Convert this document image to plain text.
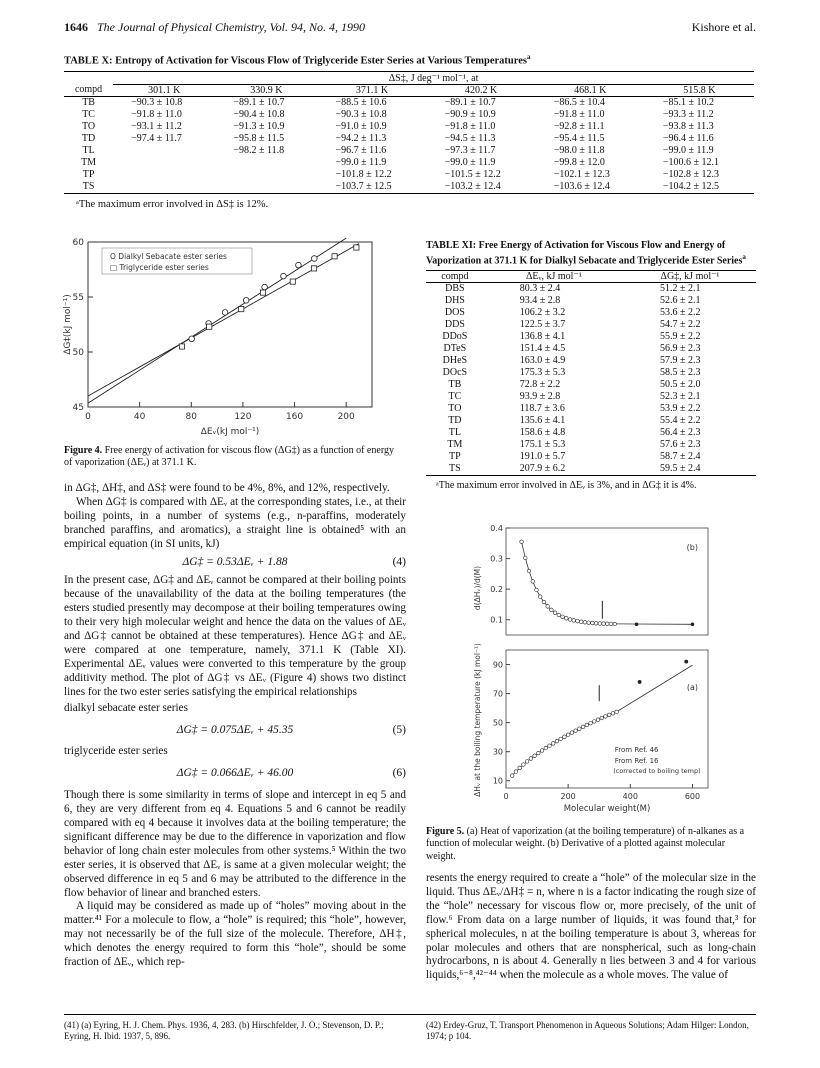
1646 The Journal of Physical Chemistry, Vol. 94, No. 4, 1990	Kishore et al.
TABLE X: Entropy of Activation for Viscous Flow of Triglyceride Ester Series at Various Temperatures$^a$
	ΔS‡, J deg⁻¹ mol⁻¹, at					
compd	301.1 K	330.9 K	371.1 K	420.2 K	468.1 K	515.8 K
TB	−90.3 ± 10.8	−89.1 ± 10.7	−88.5 ± 10.6	−89.1 ± 10.7	−86.5 ± 10.4	−85.1 ± 10.2
TC	−91.8 ± 11.0	−90.4 ± 10.8	−90.3 ± 10.8	−90.9 ± 10.9	−91.8 ± 11.0	−93.3 ± 11.2
TO	−93.1 ± 11.2	−91.3 ± 10.9	−91.0 ± 10.9	−91.8 ± 11.0	−92.8 ± 11.1	−93.8 ± 11.3
TD	−97.4 ± 11.7	−95.8 ± 11.5	−94.2 ± 11.3	−94.5 ± 11.3	−95.4 ± 11.5	−96.4 ± 11.6
TL		−98.2 ± 11.8	−96.7 ± 11.6	−97.3 ± 11.7	−98.0 ± 11.8	−99.0 ± 11.9
TM			−99.0 ± 11.9	−99.0 ± 11.9	−99.8 ± 12.0	−100.6 ± 12.1
TP			−101.8 ± 12.2	−101.5 ± 12.2	−102.1 ± 12.3	−102.8 ± 12.3
TS			−103.7 ± 12.5	−103.2 ± 12.4	−103.6 ± 12.4	−104.2 ± 12.5
ᵃThe maximum error involved in ΔS‡ is 12%.
0	40	80	120	160	200
45
50
55
60
ΔEᵥ(kJ mol⁻¹)
ΔG‡(kJ mol⁻¹)
O Dialkyl Sebacate ester series
□ Triglyceride ester series
Figure 4. Free energy of activation for viscous flow (ΔG‡) as a function of energy of vaporization (ΔEᵥ) at 371.1 K.

in ΔG‡, ΔH‡, and ΔS‡ were found to be 4%, 8%, and 12%, respectively.

When ΔG‡ is compared with ΔEᵥ at the corresponding states, i.e., at their boiling points, in a number of systems (e.g., n-paraffins, moderately branched paraffins, and aromatics), a straight line is obtained⁵ with an empirical equation (in SI units, kJ)

ΔG‡ = 0.53ΔEᵥ + 1.88	(4)

In the present case, ΔG‡ and ΔEᵥ cannot be compared at their boiling points because of the unavailability of the data at the boiling temperatures (the esters studied presently may decompose at their boiling temperatures owing to their very high molecular weight and hence the data on the values of ΔEᵥ and ΔG‡ cannot be obtained at these temperatures). Hence ΔG‡ and ΔEᵥ were compared at one temperature, namely, 371.1 K (Table XI). Experimental ΔEᵥ values were converted to this temperature by the group additivity method. The plot of ΔG‡ vs ΔEᵥ (Figure 4) shows two distinct lines for the two ester series satisfying the empirical relationships

dialkyl sebacate ester series

ΔG‡ = 0.075ΔEᵥ + 45.35	(5)

triglyceride ester series

ΔG‡ = 0.066ΔEᵥ + 46.00	(6)

Though there is some similarity in terms of slope and intercept in eq 5 and 6, they are very different from eq 4. Equations 5 and 6 cannot be readily compared with eq 4 because it involves data at the boiling temperature; the significant difference may be due to the difference in vaporization and flow behavior of long chain ester molecules from other systems.⁵ Within the two ester series, it is observed that ΔEᵥ is same at a given molecular weight; the observed difference in eq 5 and 6 may be attributed to the difference in the flow behavior of linear and branched esters.

A liquid may be considered as made up of “holes” moving about in the matter.⁴¹ For a molecule to flow, a “hole” is required; this “hole”, however, may not necessarily be of the full size of the molecule. Therefore, ΔH‡, which denotes the energy required to form this “hole”, should be some fraction of ΔEᵥ, which rep-

TABLE XI: Free Energy of Activation for Viscous Flow and Energy of Vaporization at 371.1 K for Dialkyl Sebacate and Triglyceride Ester Series$^a$
compd	ΔEᵥ, kJ mol⁻¹	ΔG‡, kJ mol⁻¹
DBS	80.3 ± 2.4	51.2 ± 2.1
DHS	93.4 ± 2.8	52.6 ± 2.1
DOS	106.2 ± 3.2	53.6 ± 2.2
DDS	122.5 ± 3.7	54.7 ± 2.2
DDoS	136.8 ± 4.1	55.9 ± 2.2
DTeS	151.4 ± 4.5	56.9 ± 2.3
DHeS	163.0 ± 4.9	57.9 ± 2.3
DOcS	175.3 ± 5.3	58.5 ± 2.3
TB	72.8 ± 2.2	50.5 ± 2.0
TC	93.9 ± 2.8	52.3 ± 2.1
TO	118.7 ± 3.6	53.9 ± 2.2
TD	135.6 ± 4.1	55.4 ± 2.2
TL	158.6 ± 4.8	56.4 ± 2.3
TM	175.1 ± 5.3	57.6 ± 2.3
TP	191.0 ± 5.7	58.7 ± 2.4
TS	207.9 ± 6.2	59.5 ± 2.4
ᵃThe maximum error involved in ΔEᵥ is 3%, and in ΔG‡ it is 4%.
0.1
0.2
0.3
0.4
(b)
d(ΔHᵥ)/d(M)
10
30
50
70
90
0	200	400	600
Molecular weight(M)
ΔHᵥ at the boiling temperature (kJ mol⁻¹)	(a)
From Ref. 46
From Ref. 16
(corrected to boiling temp)
Figure 5. (a) Heat of vaporization (at the boiling temperature) of n-alkanes as a function of molecular weight. (b) Derivative of a plotted against molecular weight.

resents the energy required to create a “hole” of the molecular size in the liquid. Thus ΔEᵥ/ΔH‡ = n, where n is a factor indicating the rough size of the “hole” necessary for viscous flow or, more precisely, of the unit of flow.⁶ From data on a large number of liquids, it was found that,³ for spherical molecules, n at the boiling temperature is about 3, whereas for polar molecules and others that are nonspherical, such as long-chain hydrocarbons, n is about 4. Generally n lies between 3 and 4 for various liquids,⁶⁻⁸,⁴²⁻⁴⁴ when the molecule as a whole moves. The value of

(41) (a) Eyring, H. J. Chem. Phys. 1936, 4, 283. (b) Hirschfelder, J. O.; Stevenson, D. P.; Eyring, H. Ibid. 1937, 5, 896.
(42) Erdey-Gruz, T. Transport Phenomenon in Aqueous Solutions; Adam Hilger: London, 1974; p 104.
